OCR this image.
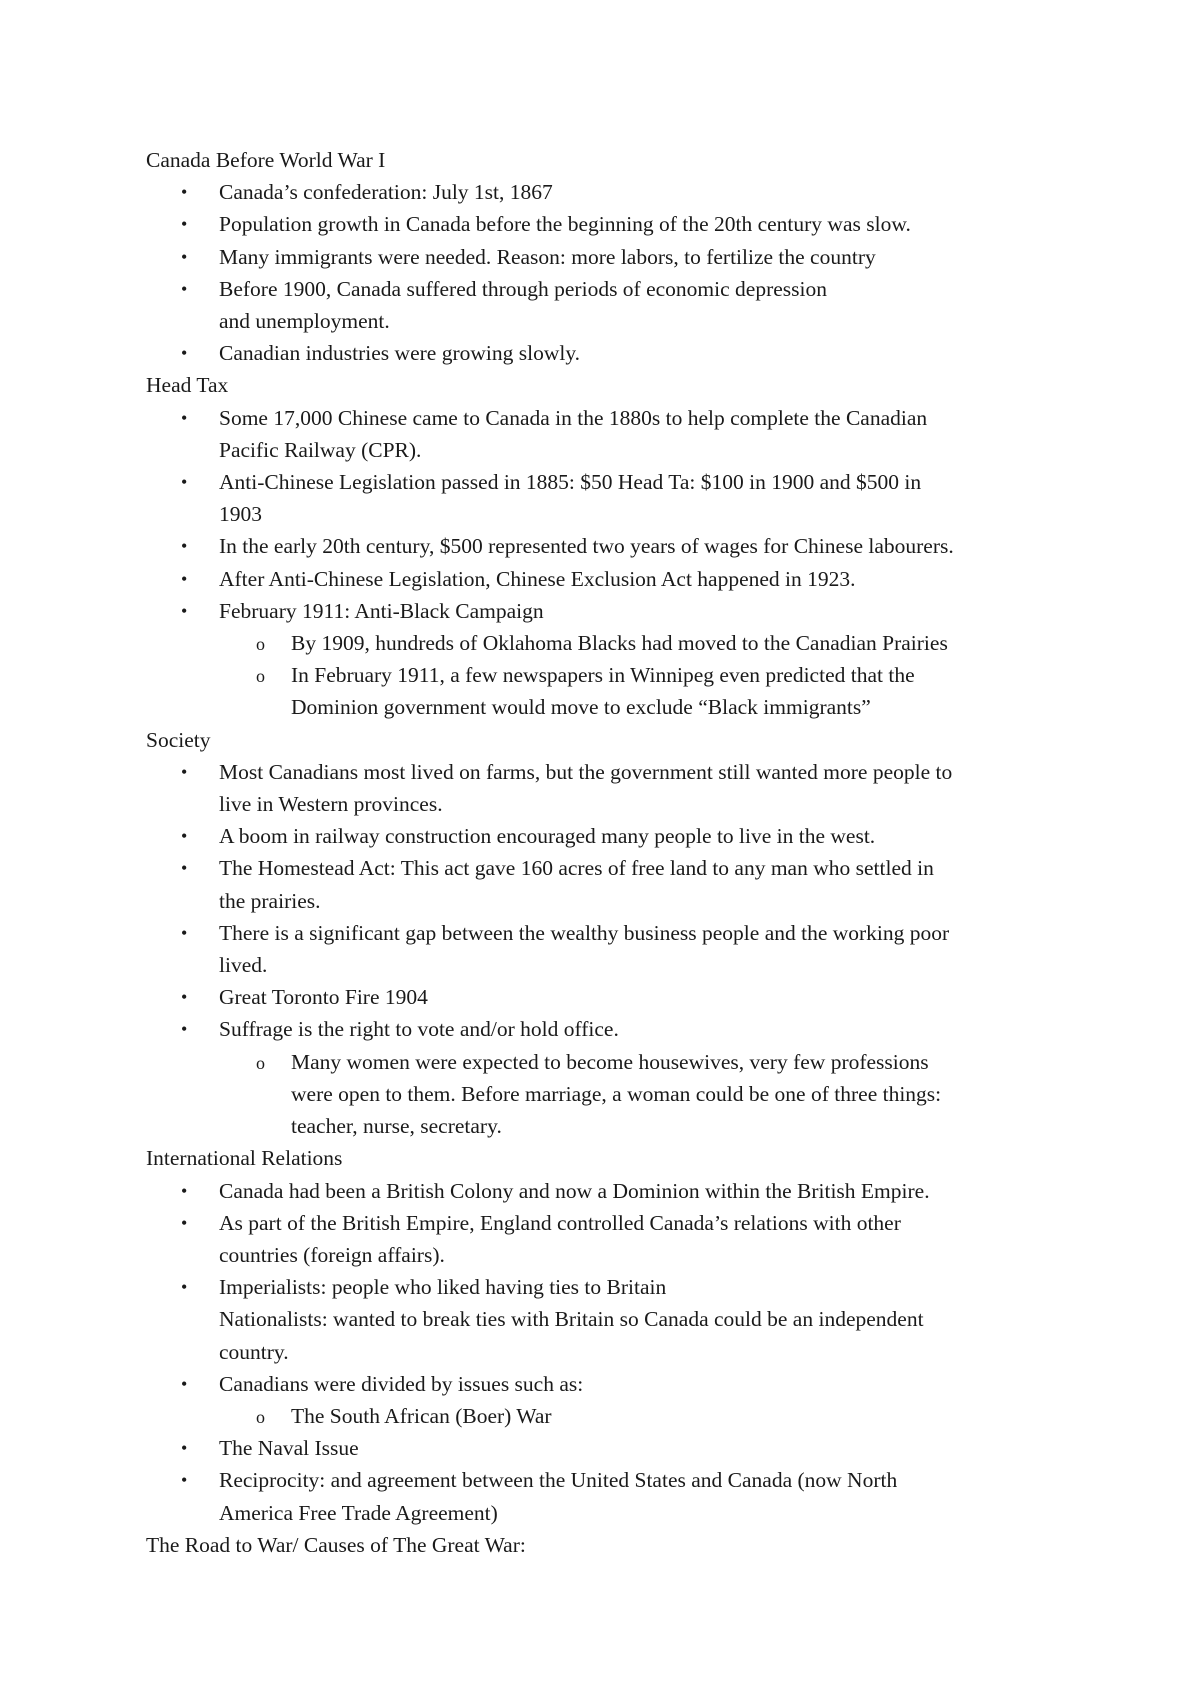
Canada Before World War I
• Canada’s confederation: July 1st, 1867
• Population growth in Canada before the beginning of the 20th century was slow.
• Many immigrants were needed. Reason: more labors, to fertilize the country
• Before 1900, Canada suffered through periods of economic depression
and unemployment.
• Canadian industries were growing slowly.
Head Tax
• Some 17,000 Chinese came to Canada in the 1880s to help complete the Canadian
Pacific Railway (CPR).
• Anti-Chinese Legislation passed in 1885: $50 Head Ta: $100 in 1900 and $500 in
1903
• In the early 20th century, $500 represented two years of wages for Chinese labourers.
• After Anti-Chinese Legislation, Chinese Exclusion Act happened in 1923.
• February 1911: Anti-Black Campaign
o By 1909, hundreds of Oklahoma Blacks had moved to the Canadian Prairies
o In February 1911, a few newspapers in Winnipeg even predicted that the
Dominion government would move to exclude “Black immigrants”
Society
• Most Canadians most lived on farms, but the government still wanted more people to
live in Western provinces.
• A boom in railway construction encouraged many people to live in the west.
• The Homestead Act: This act gave 160 acres of free land to any man who settled in
the prairies.
• There is a significant gap between the wealthy business people and the working poor
lived.
• Great Toronto Fire 1904
• Suffrage is the right to vote and/or hold office.
o Many women were expected to become housewives, very few professions
were open to them. Before marriage, a woman could be one of three things:
teacher, nurse, secretary.
International Relations
• Canada had been a British Colony and now a Dominion within the British Empire.
• As part of the British Empire, England controlled Canada’s relations with other
countries (foreign affairs).
• Imperialists: people who liked having ties to Britain
Nationalists: wanted to break ties with Britain so Canada could be an independent
country.
• Canadians were divided by issues such as:
o The South African (Boer) War
• The Naval Issue
• Reciprocity: and agreement between the United States and Canada (now North
America Free Trade Agreement)
The Road to War/ Causes of The Great War:
